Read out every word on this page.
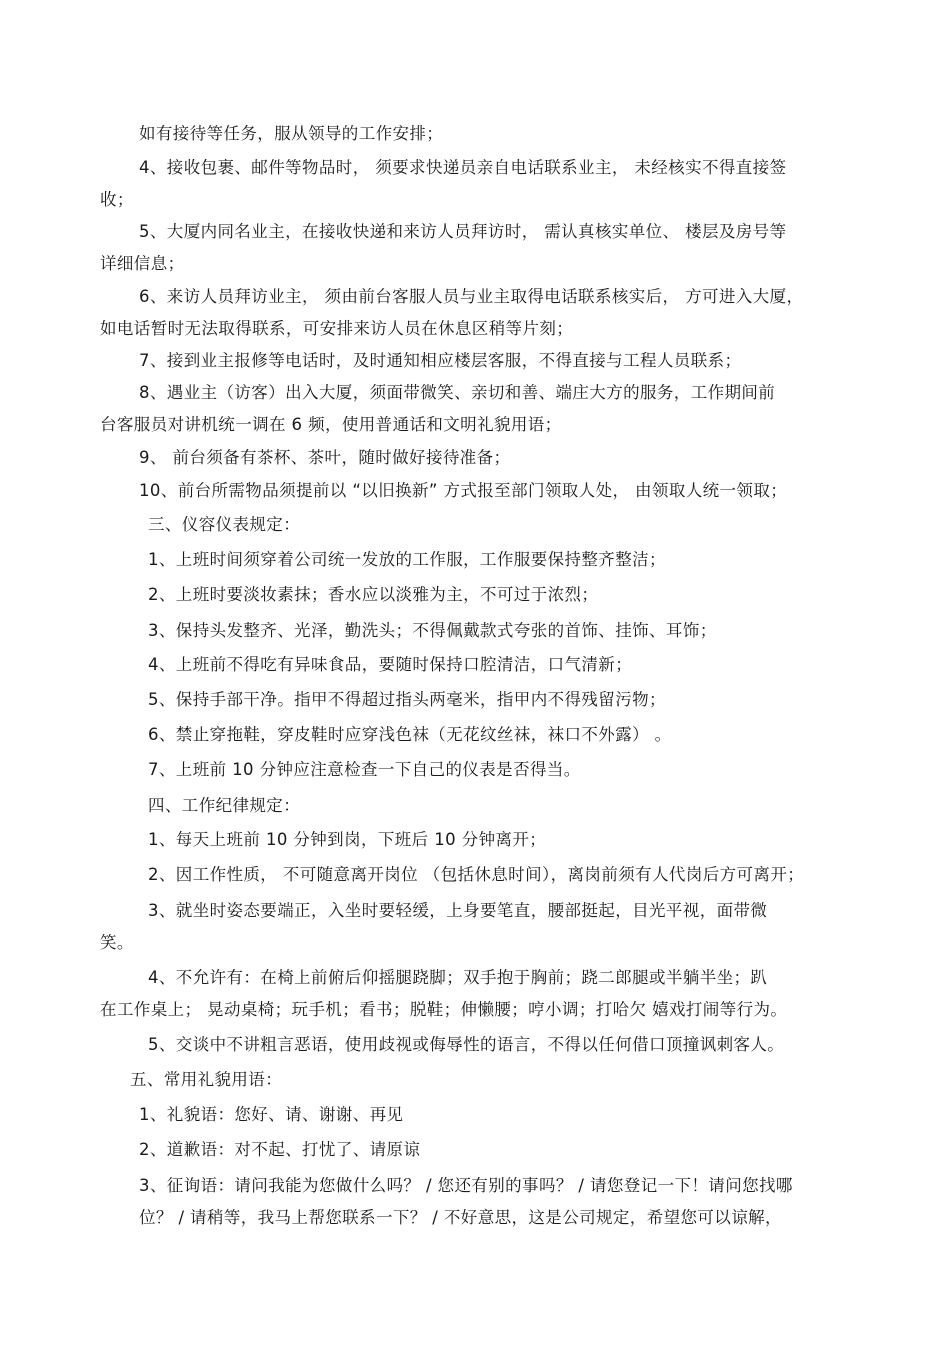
如有接待等任务，服从领导的工作安排；

4、接收包裹、邮件等物品时， 须要求快递员亲自电话联系业主， 未经核实不得直接签

收；

5、大厦内同名业主，在接收快递和来访人员拜访时， 需认真核实单位、 楼层及房号等

详细信息；

6、来访人员拜访业主， 须由前台客服人员与业主取得电话联系核实后， 方可进入大厦，

如电话暂时无法取得联系，可安排来访人员在休息区稍等片刻；

7、接到业主报修等电话时，及时通知相应楼层客服，不得直接与工程人员联系；

8、遇业主（访客）出入大厦，须面带微笑、亲切和善、端庄大方的服务，工作期间前

台客服员对讲机统一调在 6 频，使用普通话和文明礼貌用语；

9、 前台须备有茶杯、茶叶，随时做好接待准备；

10、前台所需物品须提前以 “以旧换新” 方式报至部门领取人处， 由领取人统一领取；

三、仪容仪表规定：

1、上班时间须穿着公司统一发放的工作服，工作服要保持整齐整洁；

2、上班时要淡妆素抹；香水应以淡雅为主，不可过于浓烈；

3、保持头发整齐、光泽，勤洗头；不得佩戴款式夸张的首饰、挂饰、耳饰；

4、上班前不得吃有异味食品，要随时保持口腔清洁，口气清新；

5、保持手部干净。指甲不得超过指头两毫米，指甲内不得残留污物；

6、禁止穿拖鞋，穿皮鞋时应穿浅色袜（无花纹丝袜，袜口不外露） 。

7、上班前 10 分钟应注意检查一下自己的仪表是否得当。

四、工作纪律规定：

1、每天上班前 10 分钟到岗，下班后 10 分钟离开；

2、因工作性质， 不可随意离开岗位 （包括休息时间），离岗前须有人代岗后方可离开；

3、就坐时姿态要端正，入坐时要轻缓，上身要笔直，腰部挺起，目光平视，面带微

笑。

4、不允许有：在椅上前俯后仰摇腿跷脚；双手抱于胸前；跷二郎腿或半躺半坐；趴

在工作桌上； 晃动桌椅；玩手机；看书；脱鞋；伸懒腰；哼小调；打哈欠 嬉戏打闹等行为。

5、交谈中不讲粗言恶语，使用歧视或侮辱性的语言，不得以任何借口顶撞讽刺客人。

五、常用礼貌用语：

1、礼貌语：您好、请、谢谢、再见

2、道歉语：对不起、打忧了、请原谅

3、征询语：请问我能为您做什么吗？ / 您还有别的事吗？ / 请您登记一下！请问您找哪

位？ / 请稍等，我马上帮您联系一下？ / 不好意思，这是公司规定，希望您可以谅解，
